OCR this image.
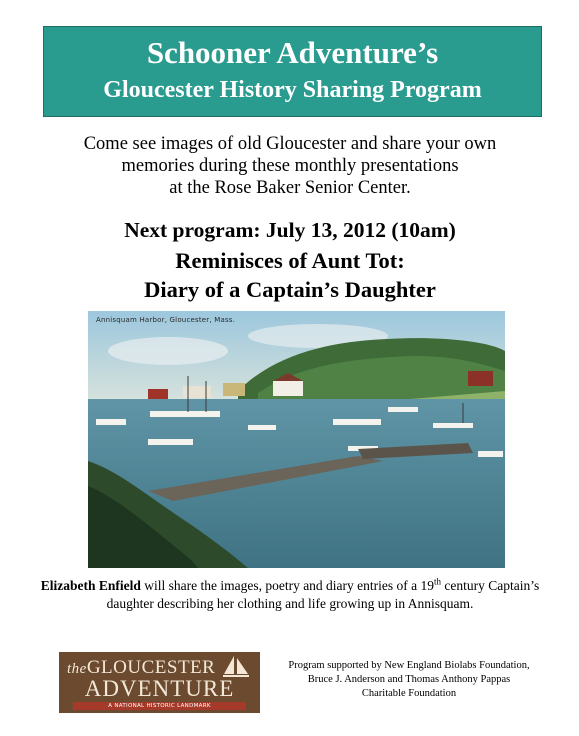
Schooner Adventure’s
Gloucester History Sharing Program
Come see images of old Gloucester and share your own
memories during these monthly presentations
at the Rose Baker Senior Center.
Next program: July 13, 2012 (10am)
Reminisces of Aunt Tot:
Diary of a Captain’s Daughter
Annisquam Harbor, Gloucester, Mass.
Elizabeth Enfield will share the images, poetry and diary entries of a 19th century Captain’s daughter describing her clothing and life growing up in Annisquam.
theGLOUCESTER
ADVENTURE
A NATIONAL HISTORIC LANDMARK
Program supported by New England Biolabs Foundation,
Bruce J. Anderson and Thomas Anthony Pappas
Charitable Foundation
